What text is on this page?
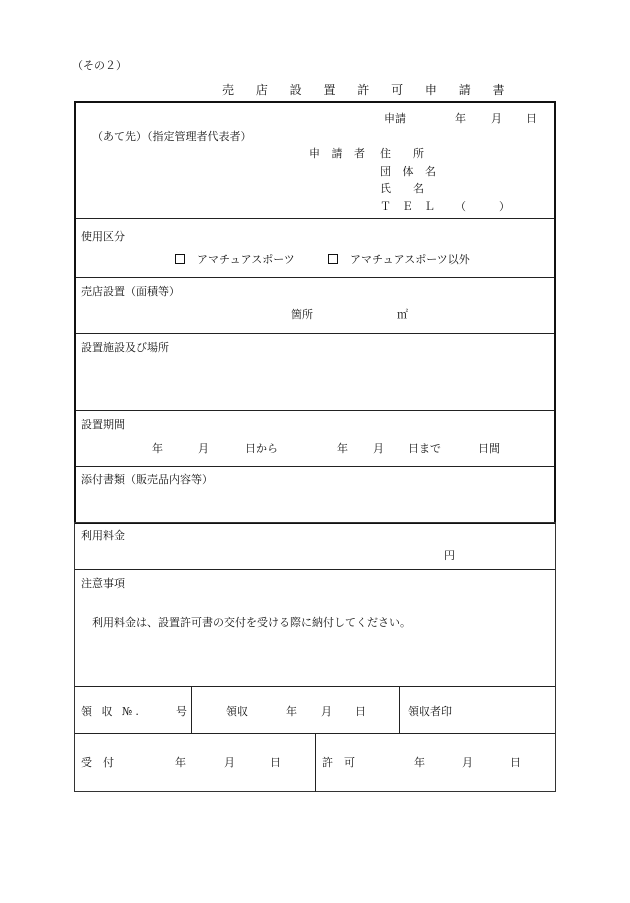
（その２）
売 店 設 置 許 可 申 請 書
申請	年 月 日
（あて先）（指定管理者代表者）
申 請 者 住　　所
団 体 名
氏　　名
Ｔ　Ｅ　Ｌ （　　　）
使用区分
アマチュアスポーツ	アマチュアスポーツ以外
売店設置（面積等）
箇所	㎡
設置施設及び場所
設置期間
年	月	日から	年 月 日まで	日間
添付書類（販売品内容等）
利用料金
円
注意事項
利用料金は、設置許可書の交付を受ける際に納付してください。
領 収 №.	号	領収	年 月 日	領収者印
受　付	年	月	日	許　可	年	月	日
